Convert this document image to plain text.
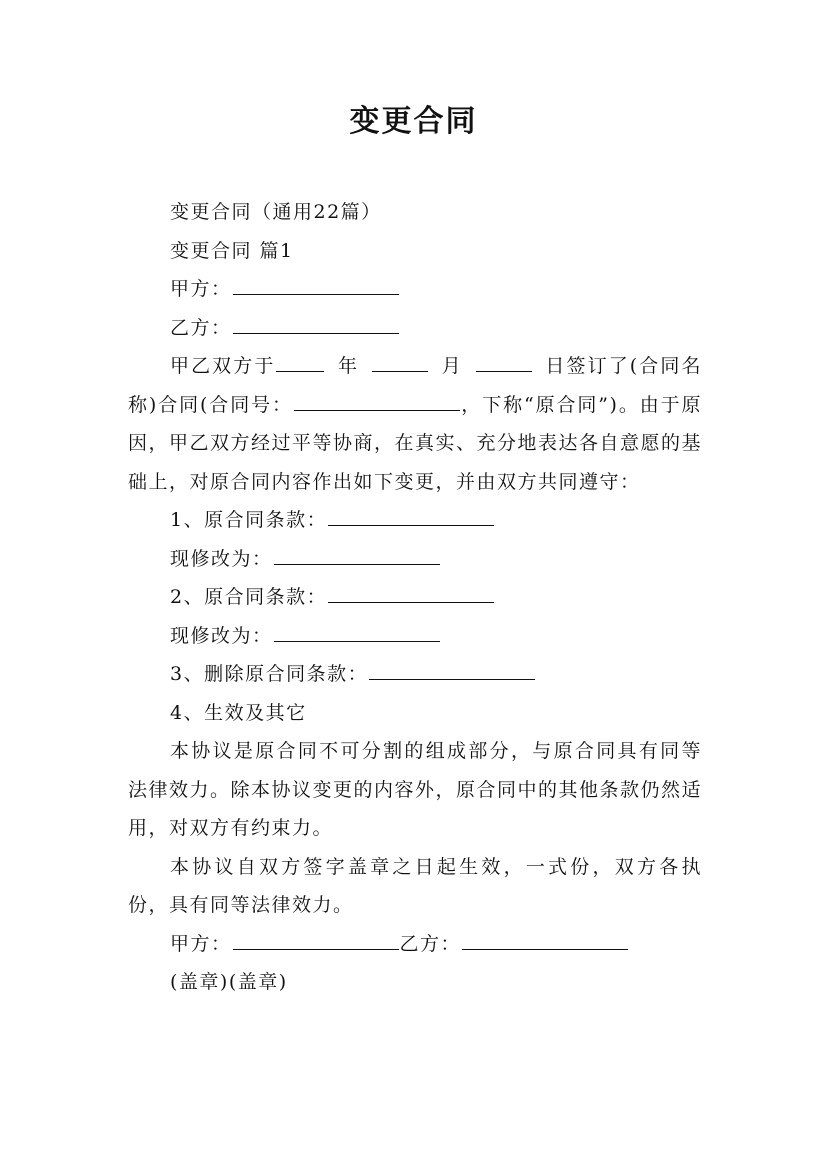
变更合同

变更合同（通用22篇）

变更合同 篇1

甲方：

乙方：

甲乙双方于	年	月	日签订了(合同名称)合同(合同号：	，下称“原合同”)。由于原因，甲乙双方经过平等协商，在真实、充分地表达各自意愿的基础上，对原合同内容作出如下变更，并由双方共同遵守：

1、原合同条款：

现修改为：

2、原合同条款：

现修改为：

3、删除原合同条款：

4、生效及其它

本协议是原合同不可分割的组成部分，与原合同具有同等法律效力。除本协议变更的内容外，原合同中的其他条款仍然适用，对双方有约束力。

本协议自双方签字盖章之日起生效，一式份，双方各执份，具有同等法律效力。

甲方：	乙方：

(盖章)(盖章)
